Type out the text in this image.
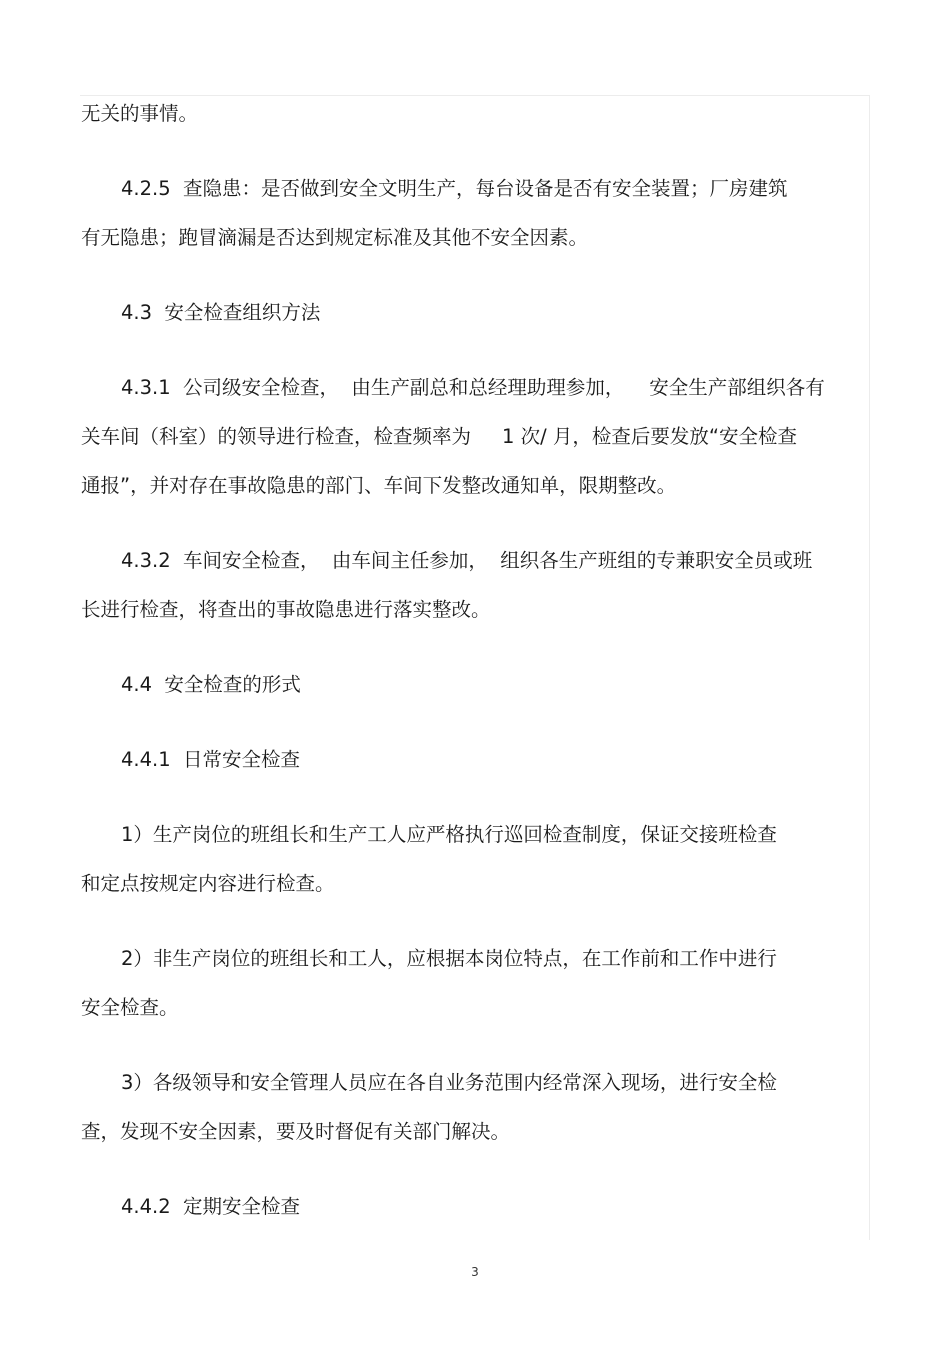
无关的事情。

4.2.5  查隐患：是否做到安全文明生产，每台设备是否有安全装置；厂房建筑
有无隐患；跑冒滴漏是否达到规定标准及其他不安全因素。

4.3  安全检查组织方法

4.3.1  公司级安全检查，  由生产副总和总经理助理参加，    安全生产部组织各有
关车间（科室）的领导进行检查，检查频率为     1 次/ 月，检查后要发放“安全检查
通报”，并对存在事故隐患的部门、车间下发整改通知单，限期整改。

4.3.2  车间安全检查，  由车间主任参加，  组织各生产班组的专兼职安全员或班
长进行检查，将查出的事故隐患进行落实整改。

4.4  安全检查的形式

4.4.1  日常安全检查

1）生产岗位的班组长和生产工人应严格执行巡回检查制度，保证交接班检查
和定点按规定内容进行检查。

2）非生产岗位的班组长和工人，应根据本岗位特点，在工作前和工作中进行
安全检查。

3）各级领导和安全管理人员应在各自业务范围内经常深入现场，进行安全检
查，发现不安全因素，要及时督促有关部门解决。

4.4.2  定期安全检查

3
